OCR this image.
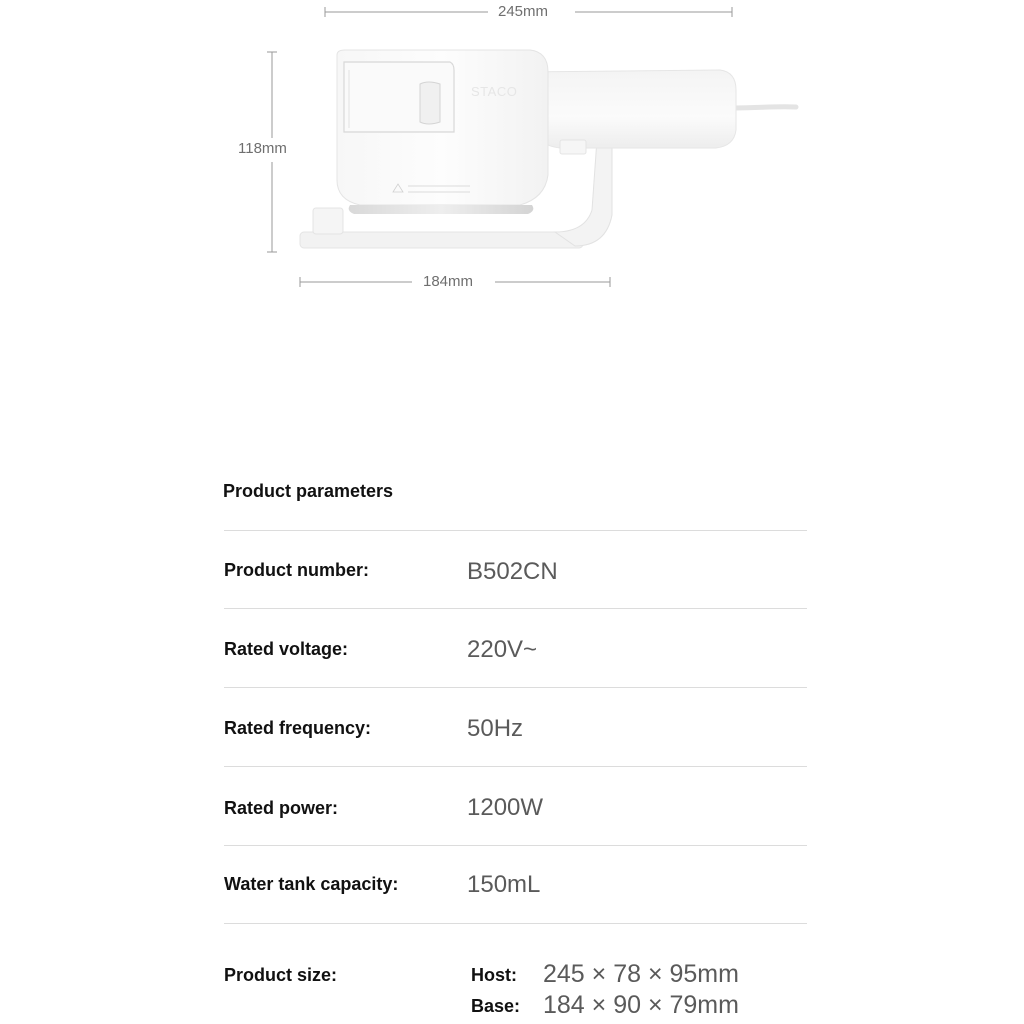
245mm
118mm
184mm
STACO
Product parameters
Product number:	B502CN
Rated voltage:	220V~
Rated frequency:	50Hz
Rated power:	1200W
Water tank capacity:	150mL
Product size:	Host: 245 × 78 × 95mm
Base: 184 × 90 × 79mm
